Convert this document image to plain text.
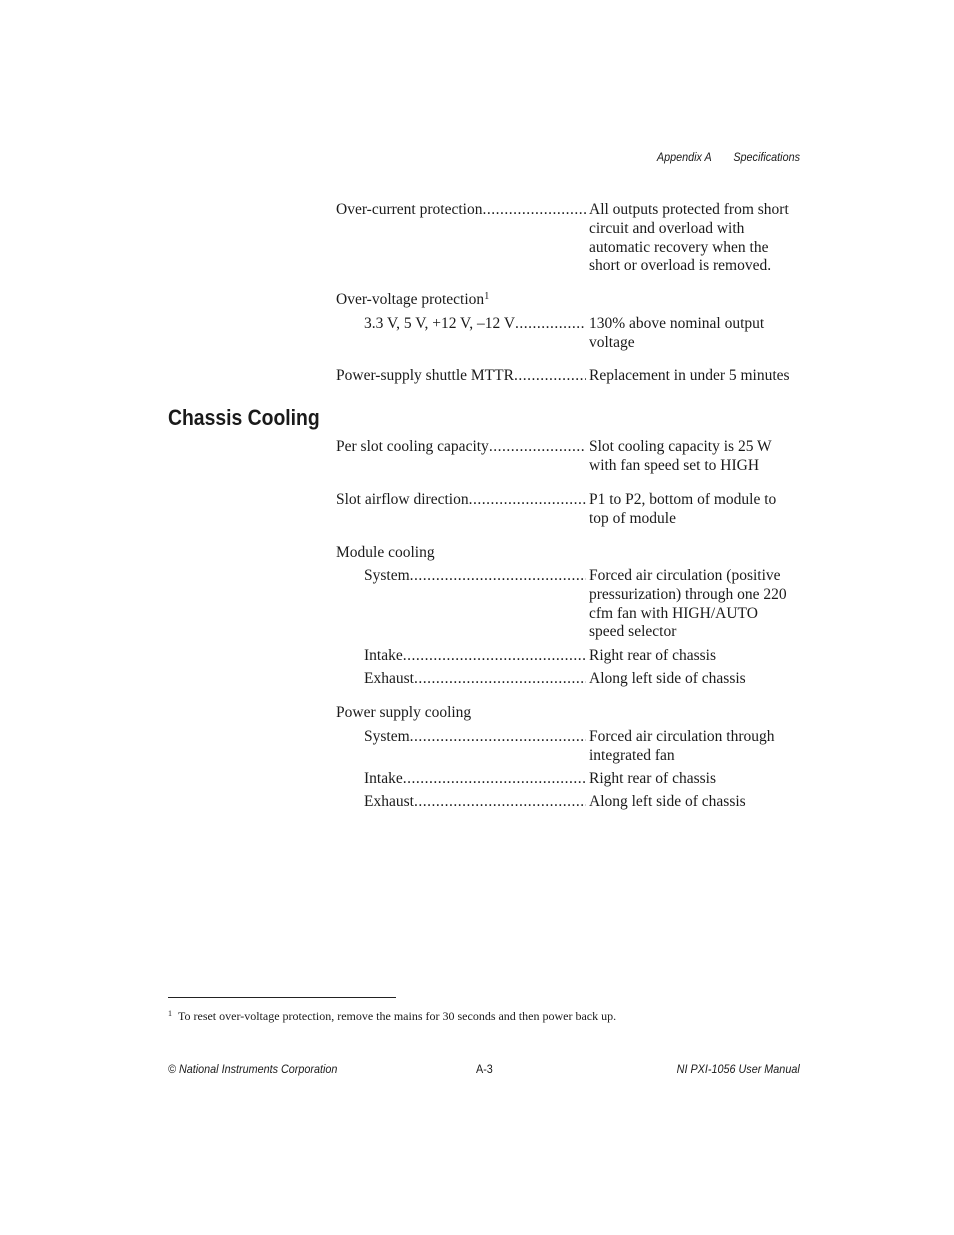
Appendix A Specifications
Over-current protection .....	All outputs protected from short circuit and overload with automatic recovery when the short or overload is removed.
Over-voltage protection$^1$
3.3 V, 5 V, +12 V, –12 V .....	130% above nominal output voltage
Power-supply shuttle MTTR .....	Replacement in under 5 minutes
Chassis Cooling
Per slot cooling capacity .....	Slot cooling capacity is 25 W with fan speed set to HIGH
Slot airflow direction .....	P1 to P2, bottom of module to top of module
Module cooling
System .....	Forced air circulation (positive pressurization) through one 220 cfm fan with HIGH/AUTO speed selector
Intake .....	Right rear of chassis
Exhaust .....	Along left side of chassis
Power supply cooling
System .....	Forced air circulation through integrated fan
Intake .....	Right rear of chassis
Exhaust .....	Along left side of chassis
$^1$ To reset over-voltage protection, remove the mains for 30 seconds and then power back up.
© National Instruments Corporation	A-3	NI PXI-1056 User Manual
